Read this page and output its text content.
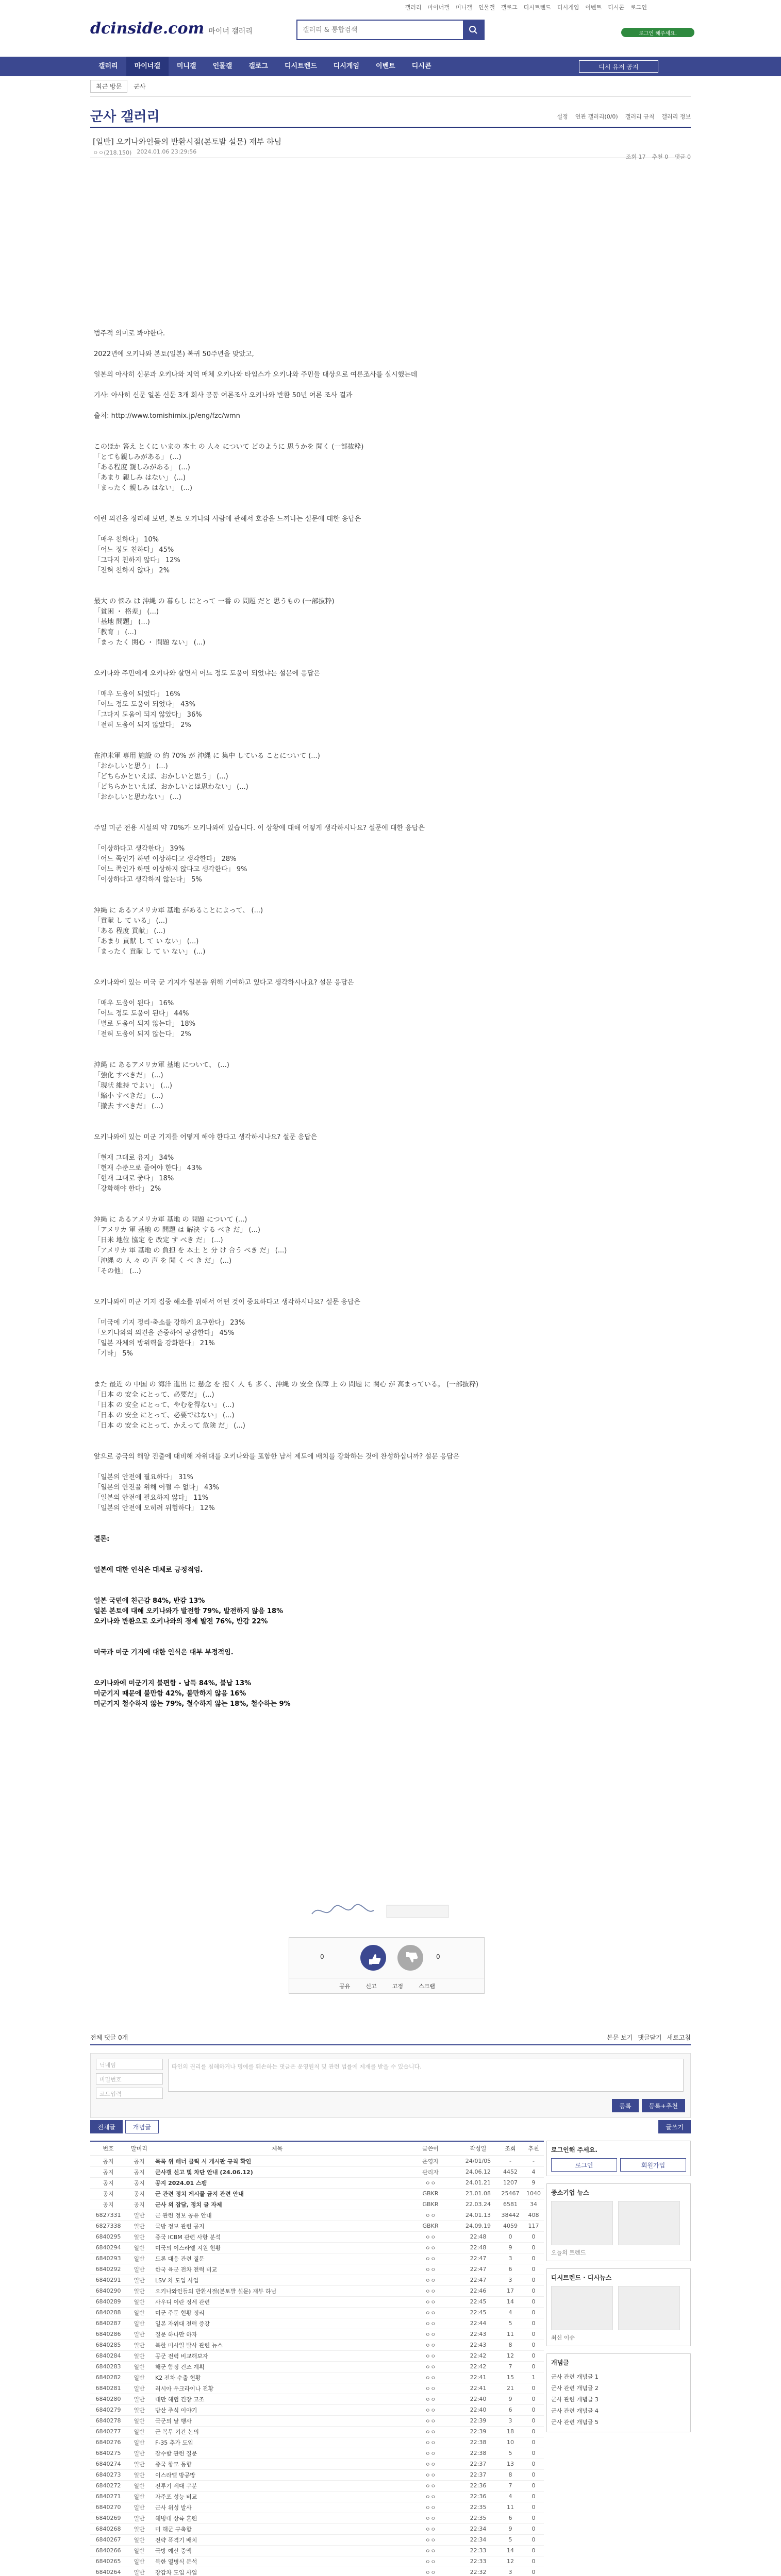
갤러리 마이너갤 미니갤 인물갤 갤로그 디시트렌드 디시게임 이벤트 디시콘 로그인
dcinside.com 마이너 갤러리
갤러리 & 통합검색	로그인 해주세요.
갤러리	마이너갤	미니갤	인물갤	갤로그	디시트렌드	디시게임	이벤트	디시콘	디시 유저 공지
최근 방문	군사
군사 갤러리	설정 연관 갤러리(0/0) 갤러리 규칙 갤러리 정보
[일반] 오키나와인들의 반환시절(본토발 설문) 재부 하님
ㅇㅇ(218.150) 2024.01.06 23:29:56
조회 17 추천 0 댓글 0

범주적 의미로 봐야한다.

2022년에 오키나와 본토(일본) 복귀 50주년을 맞았고,

일본의 아사히 신문과 오키나와 지역 매체 오키나와 타임스가 오키나와 주민들 대상으로 여론조사를 실시했는데

기사: 아사히 신문 일본 신문 3개 회사 공동 여론조사 오키나와 반환 50년 여론 조사 결과

출처: http://www.tomishimix.jp/eng/fzc/wmn

このほか 答え とくに いまの 本土 の 人々 について どのように 思うかを 聞く (一部抜粋)
「とても親しみがある」 (...)
「ある程度 親しみがある」 (...)
「あまり 親しみ はない」 (...)
「まったく 親しみ はない」 (...)

이런 의견을 정리해 보면, 본토 오키나와 사람에 관해서 호감을 느끼냐는 설문에 대한 응답은

「매우 친하다」 10%
「어느 정도 친하다」 45%
「그다지 친하지 않다」 12%
「전혀 친하지 않다」 2%

最大 の 悩み は 沖縄 の 暮らし にとって 一番 の 問題 だと 思うもの (一部抜粋)
「貧困 ・ 格差」 (...)
「基地 問題」 (...)
「教育 」 (...)
「まっ たく 関心 ・ 問題 ない」 (...)

오키나와 주민에게 오키나와 살면서 어느 정도 도움이 되었냐는 설문에 응답은

「매우 도움이 되었다」 16%
「어느 정도 도움이 되었다」 43%
「그다지 도움이 되지 않았다」 36%
「전혀 도움이 되지 않았다」 2%

在沖米軍 専用 施設 の 約 70% が 沖縄 に 集中 している ことについて (...)
「おかしいと思う」 (...)
「どちらかといえば、おかしいと思う」 (...)
「どちらかといえば、おかしいとは思わない」 (...)
「おかしいと思わない」 (...)

주일 미군 전용 시설의 약 70%가 오키나와에 있습니다. 이 상황에 대해 어떻게 생각하시나요? 설문에 대한 응답은

「이상하다고 생각한다」 39%
「어느 쪽인가 하면 이상하다고 생각한다」 28%
「어느 쪽인가 하면 이상하지 않다고 생각한다」 9%
「이상하다고 생각하지 않는다」 5%

沖縄 に あるアメリカ軍 基地 があることによって、 (...)
「貢献 し て いる」 (...)
「ある 程度 貢献」 (...)
「あまり 貢献 し て い ない」 (...)
「まったく 貢献 し て い ない」 (...)

오키나와에 있는 미국 군 기지가 일본을 위해 기여하고 있다고 생각하시나요? 설문 응답은

「매우 도움이 된다」 16%
「어느 정도 도움이 된다」 44%
「별로 도움이 되지 않는다」 18%
「전혀 도움이 되지 않는다」 2%

沖縄 に あるアメリカ軍 基地 について、 (...)
「強化 すべきだ」 (...)
「現状 維持 でよい」 (...)
「縮小 すべきだ」 (...)
「撤去 すべきだ」 (...)

오키나와에 있는 미군 기지를 어떻게 해야 한다고 생각하시나요? 설문 응답은

「현재 그대로 유지」 34%
「현재 수준으로 줄여야 한다」 43%
「현재 그대로 좋다」 18%
「강화해야 한다」 2%

沖縄 に あるアメリカ軍 基地 の 問題 について (...)
「アメリカ 軍 基地 の 問題 は 解決 する べき だ」 (...)
「日米 地位 協定 を 改定 す べき だ」 (...)
「アメリカ 軍 基地 の 負担 を 本土 と 分 け 合う べき だ」 (...)
「沖縄 の 人 々 の 声 を 聞 く べ き だ」 (...)
「その他」 (...)

오키나와에 미군 기지 집중 해소를 위해서 어떤 것이 중요하다고 생각하시나요? 설문 응답은

「미국에 기지 정리·축소를 강하게 요구한다」 23%
「오키나와의 의견을 존중하여 공감한다」 45%
「일본 자체의 방위력을 강화한다」 21%
「기타」 5%

また 最近 の 中国 の 海洋 進出 に 懸念 を 抱く 人 も 多く、沖縄 の 安全 保障 上 の 問題 に 関心 が 高まっている。 (一部抜粋)
「日本 の 安全 にとって、必要だ」 (...)
「日本 の 安全 にとって、やむを得ない」 (...)
「日本 の 安全 にとって、必要ではない」 (...)
「日本 の 安全 にとって、かえって 危険 だ」 (...)

앞으로 중국의 해양 진출에 대비해 자위대를 오키나와를 포함한 남서 제도에 배치를 강화하는 것에 찬성하십니까? 설문 응답은

「일본의 안전에 필요하다」 31%
「일본의 안전을 위해 어쩔 수 없다」 43%
「일본의 안전에 필요하지 않다」 11%
「일본의 안전에 오히려 위험하다」 12%

결론:

일본에 대한 인식은 대체로 긍정적임.

일본 국민에 친근감 84%, 반감 13%
일본 본토에 대해 오키나와가 발전함 79%, 발전하지 않음 18%
오키나와 반환으로 오키나와의 경제 발전 76%, 반감 22%

미국과 미군 기지에 대한 인식은 대부 부정적임.

오키나와에 미군기지 불편함 - 납득 84%, 불납 13%
미군기지 때문에 불만함 42%, 불만하지 않음 16%
미군기지 철수하지 않는 79%, 철수하지 않는 18%, 철수하는 9%

0	0
공유	신고	고정	스크랩
전체 댓글 0개	본문 보기 댓글닫기 새로고침
닉네임
비밀번호
코드입력
타인의 권리를 침해하거나 명예를 훼손하는 댓글은 운영원칙 및 관련 법률에 제재를 받을 수 있습니다.
등록	등록+추천
전체글	개념글	글쓰기
번호	말머리	제목	글쓴이	작성일	조회	추천
공지	공지	목록 위 배너 클릭 시 게시판 규칙 확인	운영자	24/01/05	-	-
공지	공지	군사갤 신고 및 차단 안내 (24.06.12)	관리자	24.06.12	4452	4
공지	공지	공지 2024.01 스팸	ㅇㅇ	24.01.21	1207	9
공지	공지	군 관련 정치 게시물 금지 관련 안내	GBKR	23.01.08	25467	1040
공지	공지	군사 외 잡담, 정치 글 자제	GBKR	22.03.24	6581	34
6827331	일반	군 관련 정보 공유 안내	ㅇㅇ	24.01.13	38442	408
6827338	일반	국방 정보 관련 공지	GBKR	24.09.19	4059	117
6840295	일반	중국 ICBM 관련 사항 분석	ㅇㅇ	22:48	0	0
6840294	일반	미국의 이스라엘 지원 현황	ㅇㅇ	22:48	9	0
6840293	일반	드론 대응 관련 질문	ㅇㅇ	22:47	3	0
6840292	일반	한국 육군 전차 전력 비교	ㅇㅇ	22:47	6	0
6840291	일반	LSV 차 도입 사업	ㅇㅇ	22:47	3	0
6840290	일반	오키나와인들의 반환시절(본토발 설문) 재부 하님	ㅇㅇ	22:46	17	0
6840289	일반	사우디 이란 정세 관련	ㅇㅇ	22:45	14	0
6840288	일반	미군 주둔 현황 정리	ㅇㅇ	22:45	4	0
6840287	일반	일본 자위대 전력 증강	ㅇㅇ	22:44	5	0
6840286	일반	질문 하나만 하자	ㅇㅇ	22:43	11	0
6840285	일반	북한 미사일 발사 관련 뉴스	ㅇㅇ	22:43	8	0
6840284	일반	공군 전력 비교해보자	ㅇㅇ	22:42	12	0
6840283	일반	해군 함정 건조 계획	ㅇㅇ	22:42	7	0
6840282	일반	K2 전차 수출 현황	ㅇㅇ	22:41	15	1
6840281	일반	러시아 우크라이나 전황	ㅇㅇ	22:41	21	0
6840280	일반	대만 해협 긴장 고조	ㅇㅇ	22:40	9	0
6840279	일반	방산 주식 이야기	ㅇㅇ	22:40	6	0
6840278	일반	국군의 날 행사	ㅇㅇ	22:39	3	0
6840277	일반	군 복무 기간 논의	ㅇㅇ	22:39	18	0
6840276	일반	F-35 추가 도입	ㅇㅇ	22:38	10	0
6840275	일반	잠수함 관련 질문	ㅇㅇ	22:38	5	0
6840274	일반	중국 항모 동향	ㅇㅇ	22:37	13	0
6840273	일반	이스라엘 방공망	ㅇㅇ	22:37	8	0
6840272	일반	전투기 세대 구분	ㅇㅇ	22:36	7	0
6840271	일반	자주포 성능 비교	ㅇㅇ	22:36	4	0
6840270	일반	군사 위성 발사	ㅇㅇ	22:35	11	0
6840269	일반	해병대 상륙 훈련	ㅇㅇ	22:35	6	0
6840268	일반	미 해군 구축함	ㅇㅇ	22:34	9	0
6840267	일반	전략 폭격기 배치	ㅇㅇ	22:34	5	0
6840266	일반	국방 예산 증액	ㅇㅇ	22:33	14	0
6840265	일반	북한 열병식 분석	ㅇㅇ	22:33	12	0
6840264	일반	장갑차 도입 사업	ㅇㅇ	22:32	3	0

로그인해 주세요.
로그인	회원가입
중소기업 뉴스
오늘의 트렌드
디시트렌드 · 디시뉴스
최신 이슈
개념글
군사 관련 개념글 1
군사 관련 개념글 2
군사 관련 개념글 3
군사 관련 개념글 4
군사 관련 개념글 5
